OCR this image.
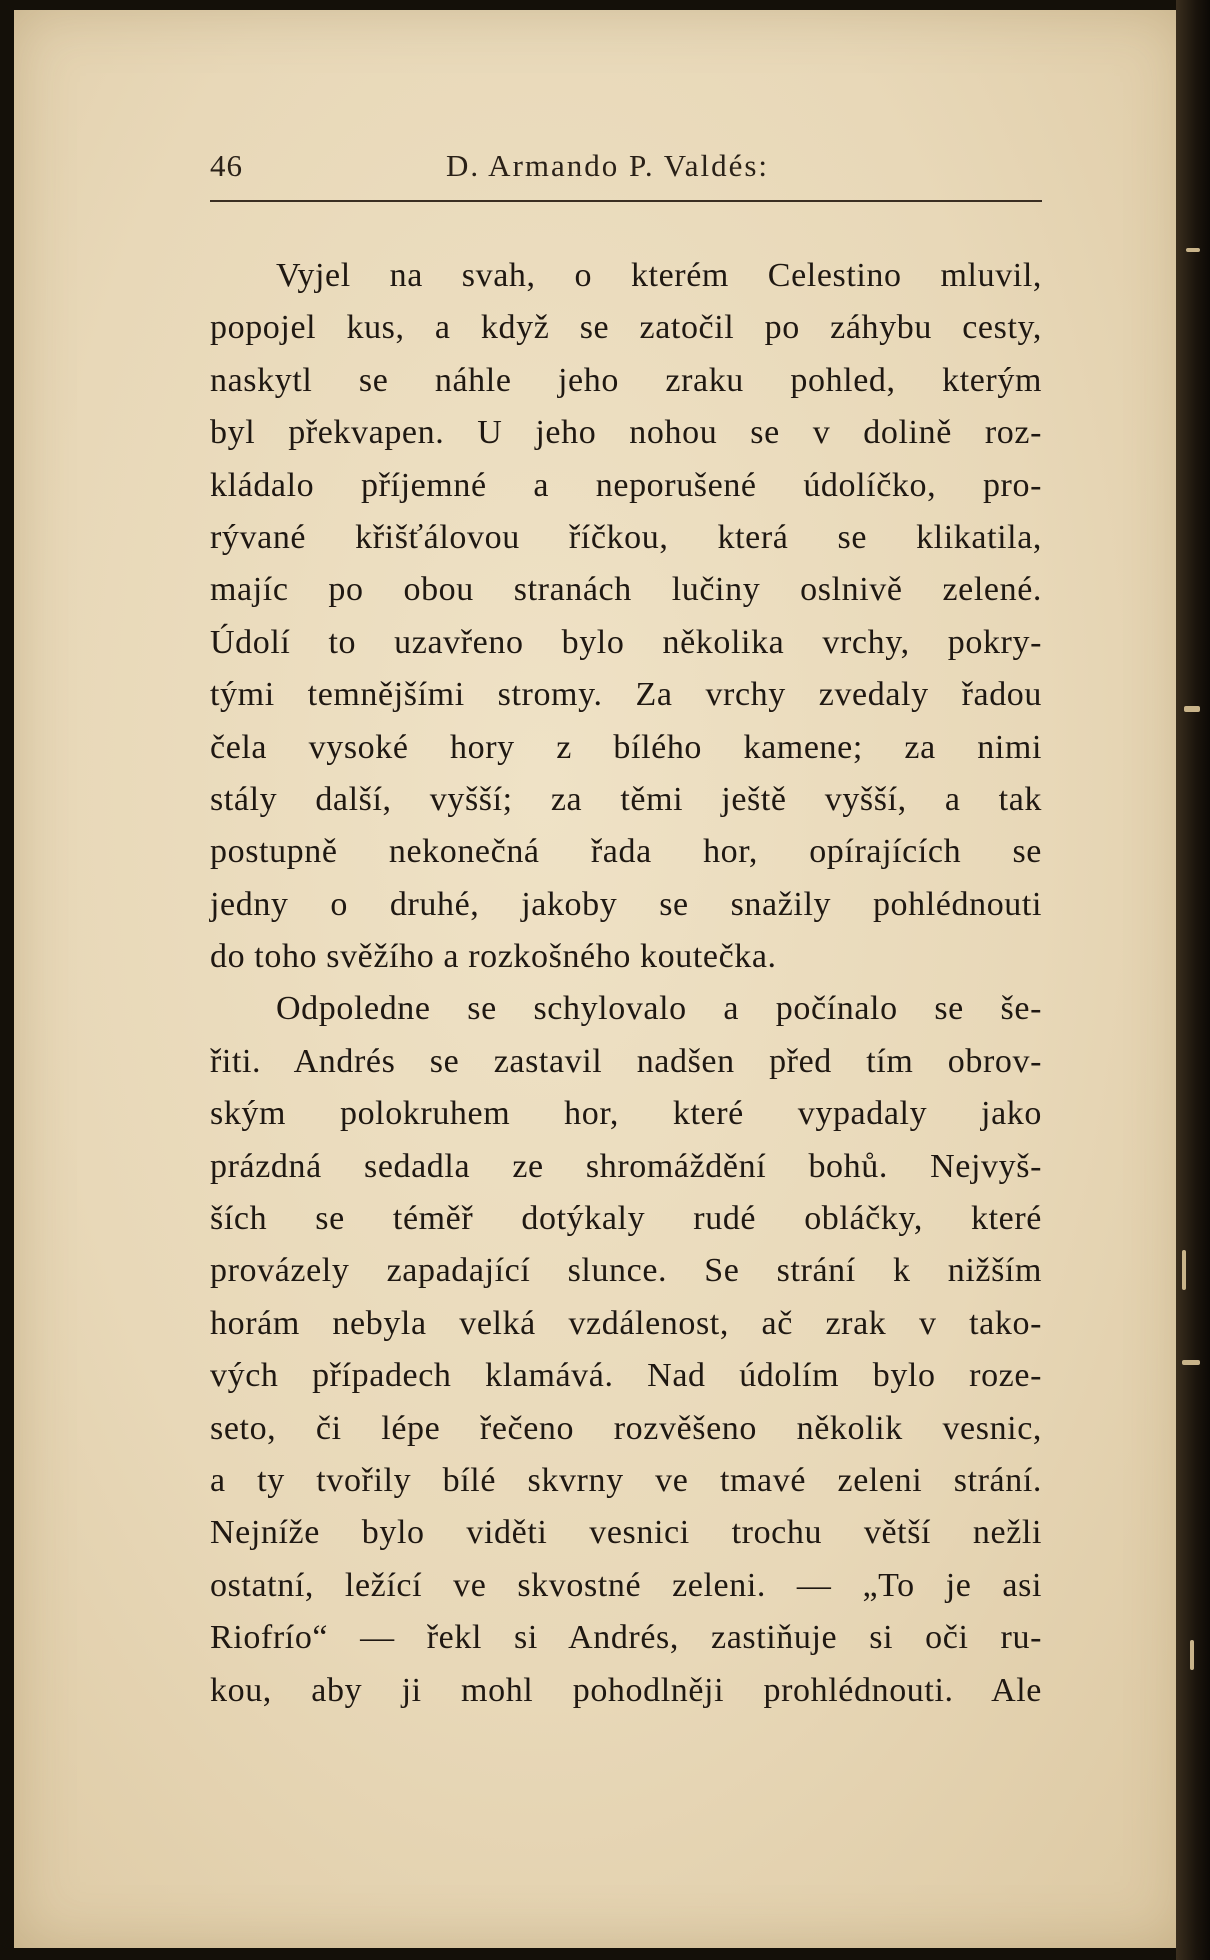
46	D. Armando P. Valdés:
Vyjel na svah, o kterém Celestino mluvil,
popojel kus, a když se zatočil po záhybu cesty,
naskytl se náhle jeho zraku pohled, kterým
byl překvapen. U jeho nohou se v dolině roz-
kládalo příjemné a neporušené údolíčko, pro-
rývané křišťálovou říčkou, která se klikatila,
majíc po obou stranách lučiny oslnivě zelené.
Údolí to uzavřeno bylo několika vrchy, pokry-
tými temnějšími stromy. Za vrchy zvedaly řadou
čela vysoké hory z bílého kamene; za nimi
stály další, vyšší; za těmi ještě vyšší, a tak
postupně nekonečná řada hor, opírajících se
jedny o druhé, jakoby se snažily pohlédnouti
do toho svěžího a rozkošného koutečka.
Odpoledne se schylovalo a počínalo se še-
řiti. Andrés se zastavil nadšen před tím obrov-
ským polokruhem hor, které vypadaly jako
prázdná sedadla ze shromáždění bohů. Nejvyš-
ších se téměř dotýkaly rudé obláčky, které
provázely zapadající slunce. Se strání k nižším
horám nebyla velká vzdálenost, ač zrak v tako-
vých případech klamává. Nad údolím bylo roze-
seto, či lépe řečeno rozvěšeno několik vesnic,
a ty tvořily bílé skvrny ve tmavé zeleni strání.
Nejníže bylo viděti vesnici trochu větší nežli
ostatní, ležící ve skvostné zeleni. — „To je asi
Riofrío“ — řekl si Andrés, zastiňuje si oči ru-
kou, aby ji mohl pohodlněji prohlédnouti. Ale
